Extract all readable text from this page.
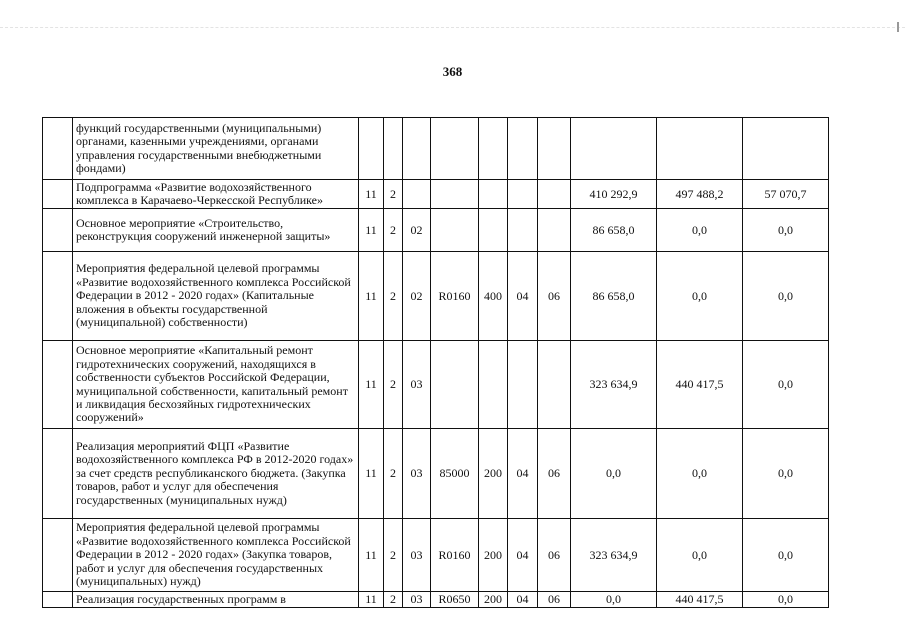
368
	функций государственными (муниципальными) органами, казенными учреждениями, органами управления государственными внебюджетными фондами)										
	Подпрограмма «Развитие водохозяйственного комплекса в Карачаево-Черкесской Республике»	11	2						410 292,9	497 488,2	57 070,7
	Основное мероприятие «Строительство, реконструкция сооружений инженерной защиты»	11	2	02					86 658,0	0,0	0,0
	Мероприятия федеральной целевой программы «Развитие водохозяйственного комплекса Российской Федерации в 2012 - 2020 годах» (Капитальные вложения в объекты государственной (муниципальной) собственности)	11	2	02	R0160	400	04	06	86 658,0	0,0	0,0
	Основное мероприятие «Капитальный ремонт гидротехнических сооружений, находящихся в собственности субъектов Российской Федерации, муниципальной собственности, капитальный ремонт и ликвидация бесхозяйных гидротехнических сооружений»	11	2	03					323 634,9	440 417,5	0,0
	Реализация мероприятий ФЦП «Развитие водохозяйственного комплекса РФ в 2012-2020 годах» за счет средств республиканского бюджета. (Закупка товаров, работ и услуг для обеспечения государственных (муниципальных нужд)	11	2	03	85000	200	04	06	0,0	0,0	0,0
	Мероприятия федеральной целевой программы «Развитие водохозяйственного комплекса Российской Федерации в 2012 - 2020 годах» (Закупка товаров, работ и услуг для обеспечения государственных (муниципальных) нужд)	11	2	03	R0160	200	04	06	323 634,9	0,0	0,0
	Реализация государственных программ в	11	2	03	R0650	200	04	06	0,0	440 417,5	0,0
